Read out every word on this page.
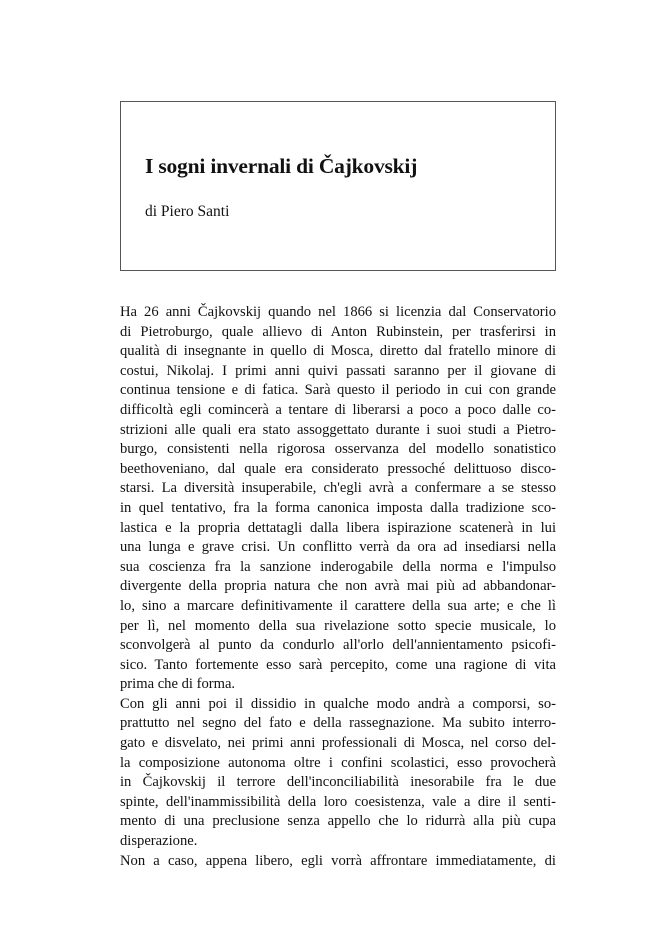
I sogni invernali di Čajkovskij

di Piero Santi

Ha 26 anni Čajkovskij quando nel 1866 si licenzia dal Conservatorio
di Pietroburgo, quale allievo di Anton Rubinstein, per trasferirsi in
qualità di insegnante in quello di Mosca, diretto dal fratello minore di
costui, Nikolaj. I primi anni quivi passati saranno per il giovane di
continua tensione e di fatica. Sarà questo il periodo in cui con grande
difficoltà egli comincerà a tentare di liberarsi a poco a poco dalle co-
strizioni alle quali era stato assoggettato durante i suoi studi a Pietro-
burgo, consistenti nella rigorosa osservanza del modello sonatistico
beethoveniano, dal quale era considerato pressoché delittuoso disco-
starsi. La diversità insuperabile, ch'egli avrà a confermare a se stesso
in quel tentativo, fra la forma canonica imposta dalla tradizione sco-
lastica e la propria dettatagli dalla libera ispirazione scatenerà in lui
una lunga e grave crisi. Un conflitto verrà da ora ad insediarsi nella
sua coscienza fra la sanzione inderogabile della norma e l'impulso
divergente della propria natura che non avrà mai più ad abbandonar-
lo, sino a marcare definitivamente il carattere della sua arte; e che lì
per lì, nel momento della sua rivelazione sotto specie musicale, lo
sconvolgerà al punto da condurlo all'orlo dell'annientamento psicofi-
sico. Tanto fortemente esso sarà percepito, come una ragione di vita
prima che di forma.
Con gli anni poi il dissidio in qualche modo andrà a comporsi, so-
prattutto nel segno del fato e della rassegnazione. Ma subito interro-
gato e disvelato, nei primi anni professionali di Mosca, nel corso del-
la composizione autonoma oltre i confini scolastici, esso provocherà
in Čajkovskij il terrore dell'inconciliabilità inesorabile fra le due
spinte, dell'inammissibilità della loro coesistenza, vale a dire il senti-
mento di una preclusione senza appello che lo ridurrà alla più cupa
disperazione.
Non a caso, appena libero, egli vorrà affrontare immediatamente, di
